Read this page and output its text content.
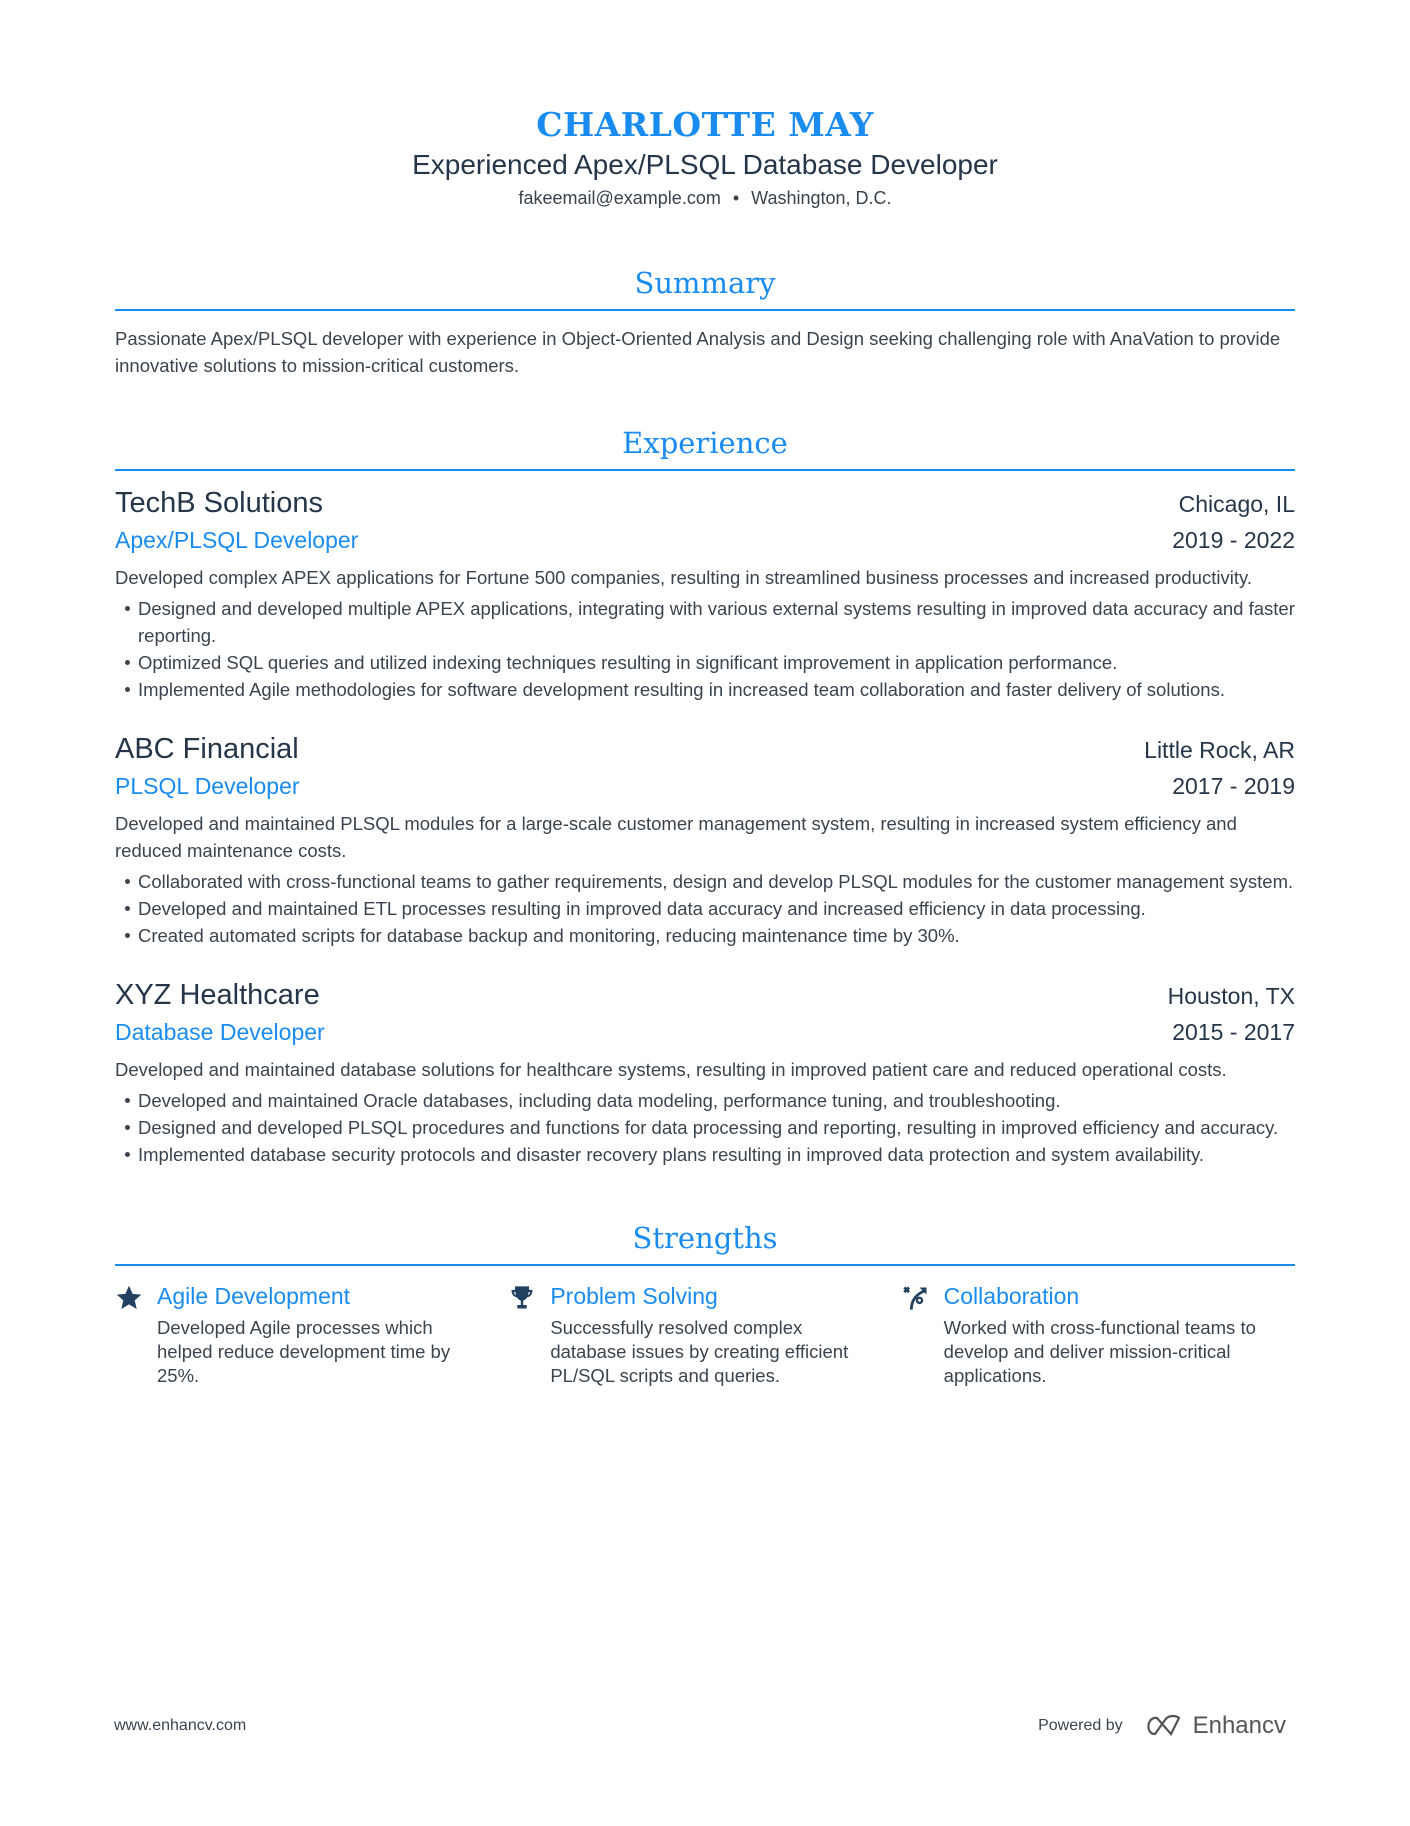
CHARLOTTE MAY
Experienced Apex/PLSQL Database Developer
fakeemail@example.com • Washington, D.C.
Summary
Passionate Apex/PLSQL developer with experience in Object-Oriented Analysis and Design seeking challenging role with AnaVation to provide innovative solutions to mission-critical customers.
Experience
TechB Solutions	Chicago, IL
Apex/PLSQL Developer	2019 - 2022
Developed complex APEX applications for Fortune 500 companies, resulting in streamlined business processes and increased productivity.
Designed and developed multiple APEX applications, integrating with various external systems resulting in improved data accuracy and faster reporting.
Optimized SQL queries and utilized indexing techniques resulting in significant improvement in application performance.
Implemented Agile methodologies for software development resulting in increased team collaboration and faster delivery of solutions.
ABC Financial	Little Rock, AR
PLSQL Developer	2017 - 2019
Developed and maintained PLSQL modules for a large-scale customer management system, resulting in increased system efficiency and reduced maintenance costs.
Collaborated with cross-functional teams to gather requirements, design and develop PLSQL modules for the customer management system.
Developed and maintained ETL processes resulting in improved data accuracy and increased efficiency in data processing.
Created automated scripts for database backup and monitoring, reducing maintenance time by 30%.
XYZ Healthcare	Houston, TX
Database Developer	2015 - 2017
Developed and maintained database solutions for healthcare systems, resulting in improved patient care and reduced operational costs.
Developed and maintained Oracle databases, including data modeling, performance tuning, and troubleshooting.
Designed and developed PLSQL procedures and functions for data processing and reporting, resulting in improved efficiency and accuracy.
Implemented database security protocols and disaster recovery plans resulting in improved data protection and system availability.
Strengths
Agile Development
Developed Agile processes which helped reduce development time by 25%.
Problem Solving
Successfully resolved complex database issues by creating efficient PL/SQL scripts and queries.
Collaboration
Worked with cross-functional teams to develop and deliver mission-critical applications.
www.enhancv.com	Powered by	Enhancv
